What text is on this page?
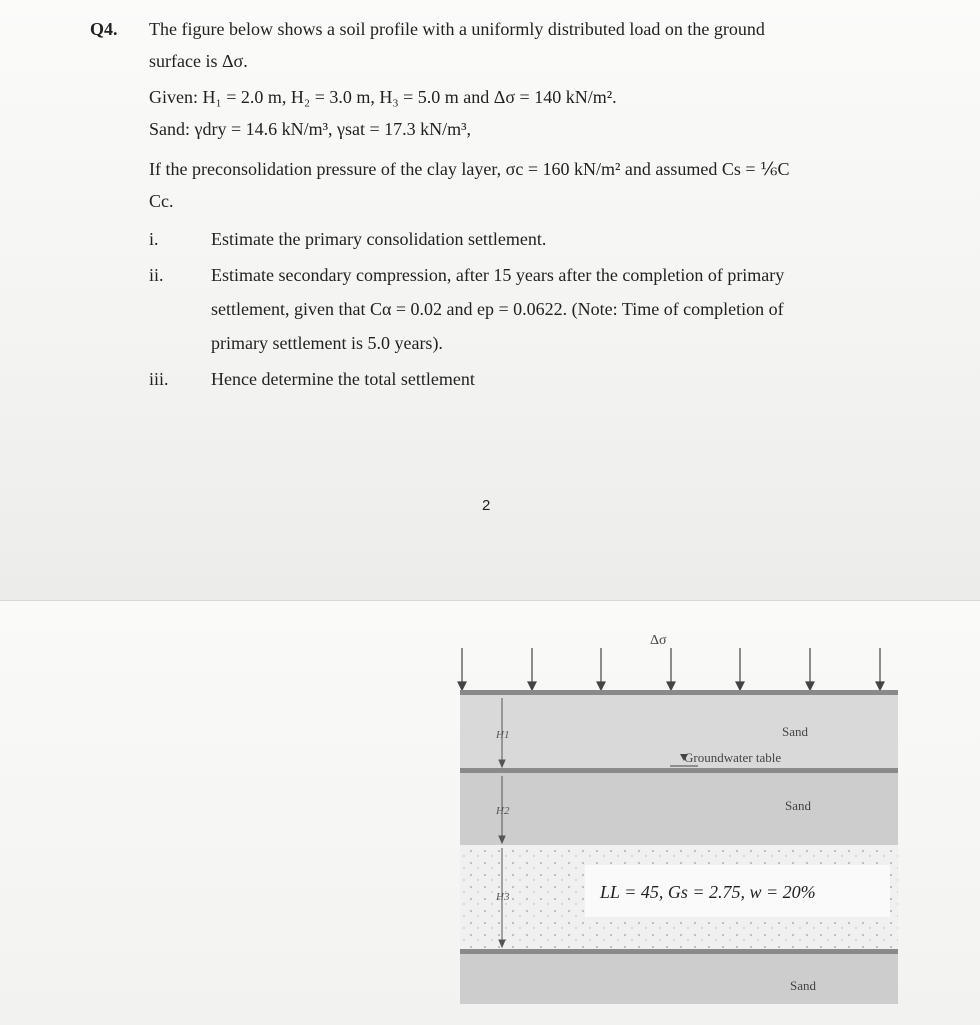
Q4. The figure below shows a soil profile with a uniformly distributed load on the ground
surface is Δσ.
Given: H₁ = 2.0 m, H₂ = 3.0 m, H₃ = 5.0 m and Δσ = 140 kN/m².
Sand: γdry = 14.6 kN/m³, γsat = 17.3 kN/m³,
If the preconsolidation pressure of the clay layer, σc = 160 kN/m² and assumed Cs = ⅙C
Cc.
i.	Estimate the primary consolidation settlement.
ii.	Estimate secondary compression, after 15 years after the completion of primary
settlement, given that Cα = 0.02 and ep = 0.0622. (Note: Time of completion of
primary settlement is 5.0 years).
iii. Hence determine the total settlement
2
Δσ
Sand
Groundwater table
Sand
LL = 45, Gs = 2.75, w = 20%
Sand
H1
H2
H3
